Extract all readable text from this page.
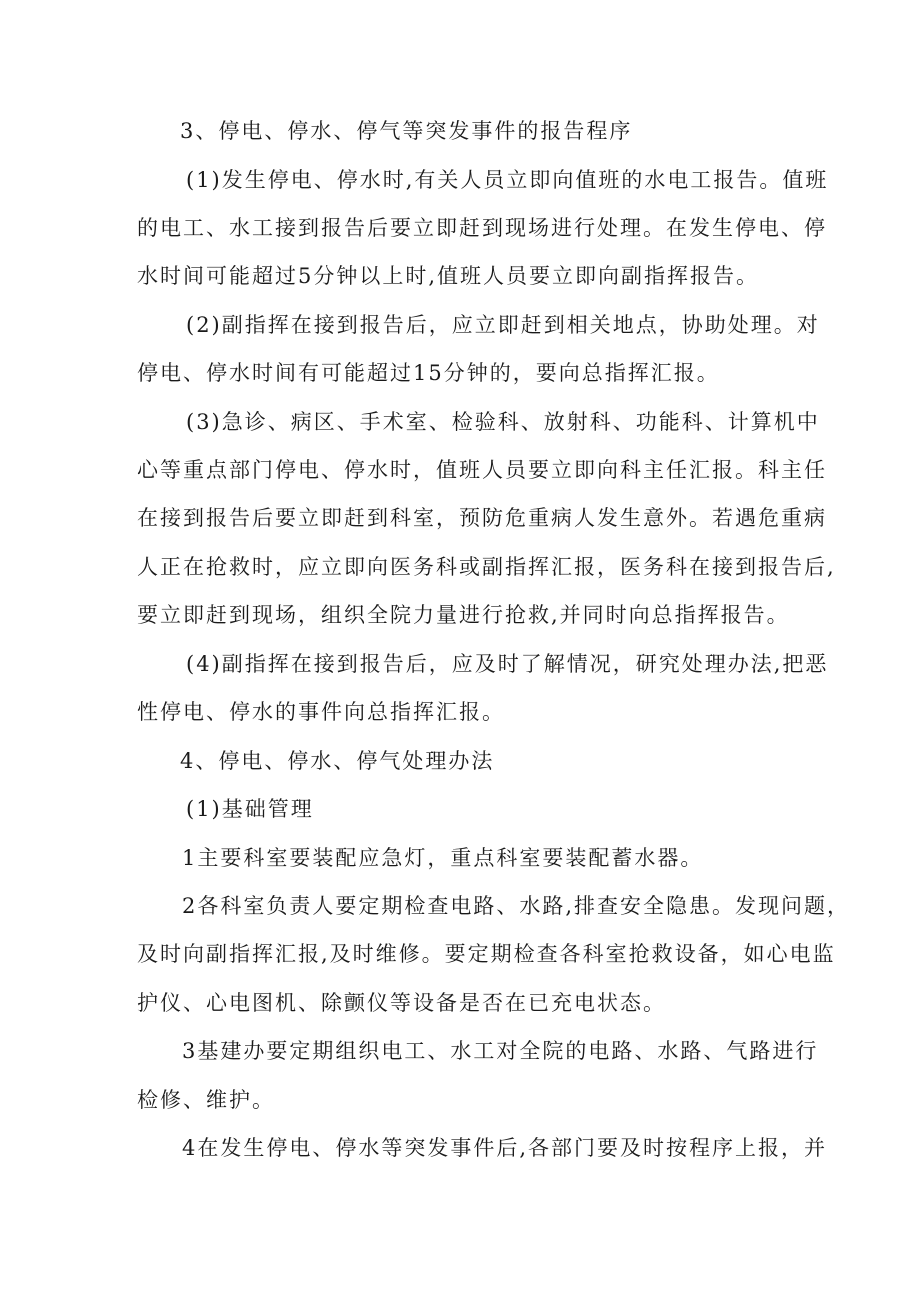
3、停电、停水、停气等突发事件的报告程序
(1)发生停电、停水时,有关人员立即向值班的水电工报告。值班
的电工、水工接到报告后要立即赶到现场进行处理。在发生停电、停
水时间可能超过5分钟以上时,值班人员要立即向副指挥报告。
(2)副指挥在接到报告后，应立即赶到相关地点，协助处理。对
停电、停水时间有可能超过15分钟的，要向总指挥汇报。
(3)急诊、病区、手术室、检验科、放射科、功能科、计算机中
心等重点部门停电、停水时，值班人员要立即向科主任汇报。科主任
在接到报告后要立即赶到科室，预防危重病人发生意外。若遇危重病
人正在抢救时，应立即向医务科或副指挥汇报，医务科在接到报告后,
要立即赶到现场，组织全院力量进行抢救,并同时向总指挥报告。
(4)副指挥在接到报告后，应及时了解情况，研究处理办法,把恶
性停电、停水的事件向总指挥汇报。
4、停电、停水、停气处理办法
(1)基础管理
1主要科室要装配应急灯，重点科室要装配蓄水器。
2各科室负责人要定期检查电路、水路,排查安全隐患。发现问题，
及时向副指挥汇报,及时维修。要定期检查各科室抢救设备，如心电监
护仪、心电图机、除颤仪等设备是否在已充电状态。
3基建办要定期组织电工、水工对全院的电路、水路、气路进行
检修、维护。
4在发生停电、停水等突发事件后,各部门要及时按程序上报，并
